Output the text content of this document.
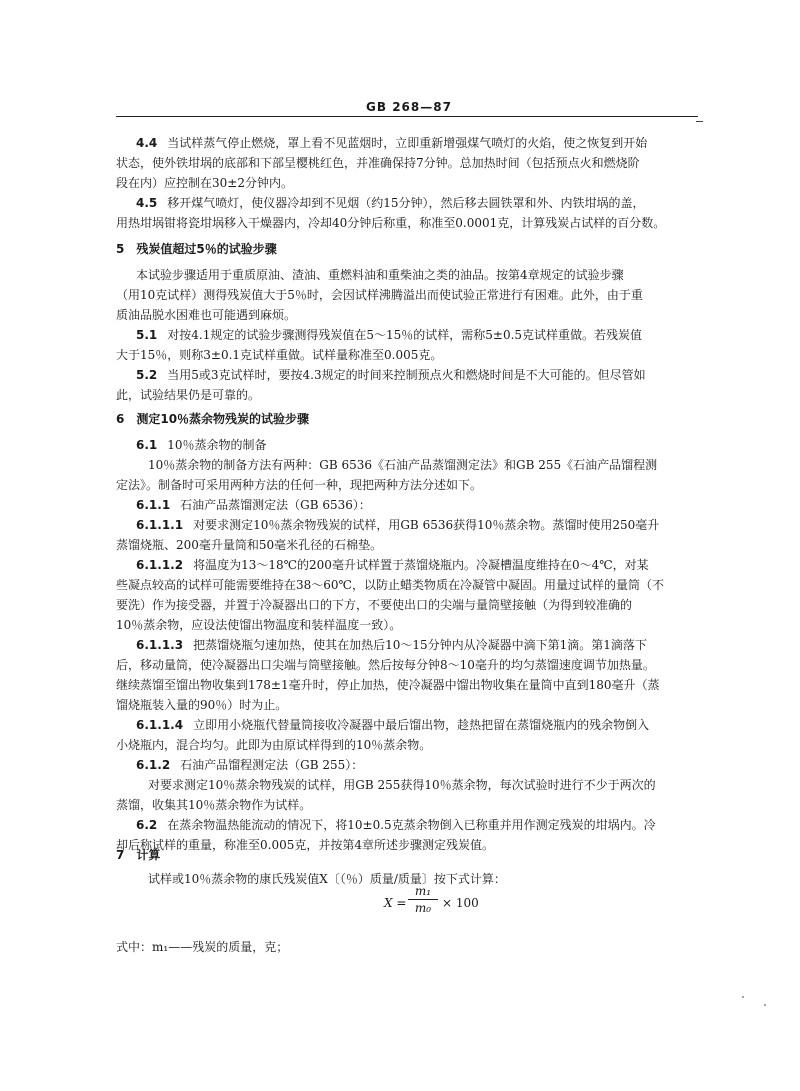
GB 268—87
4.4 当试样蒸气停止燃烧，罩上看不见蓝烟时，立即重新增强煤气喷灯的火焰，使之恢复到开始
状态，使外铁坩埚的底部和下部呈樱桃红色，并准确保持7分钟。总加热时间（包括预点火和燃烧阶
段在内）应控制在30±2分钟内。
4.5 移开煤气喷灯，使仪器冷却到不见烟（约15分钟），然后移去圆铁罩和外、内铁坩埚的盖，
用热坩埚钳将瓷坩埚移入干燥器内，冷却40分钟后称重，称准至0.0001克，计算残炭占试样的百分数。
5　残炭值超过5％的试验步骤
本试验步骤适用于重质原油、渣油、重燃料油和重柴油之类的油品。按第4章规定的试验步骤
（用10克试样）测得残炭值大于5％时，会因试样沸腾溢出而使试验正常进行有困难。此外，由于重
质油品脱水困难也可能遇到麻烦。
5.1 对按4.1规定的试验步骤测得残炭值在5～15％的试样，需称5±0.5克试样重做。若残炭值
大于15％，则称3±0.1克试样重做。试样量称准至0.005克。
5.2 当用5或3克试样时，要按4.3规定的时间来控制预点火和燃烧时间是不大可能的。但尽管如
此，试验结果仍是可靠的。
6　测定10％蒸余物残炭的试验步骤
6.1 10％蒸余物的制备
10％蒸余物的制备方法有两种：GB 6536《石油产品蒸馏测定法》和GB 255《石油产品馏程测
定法》。制备时可采用两种方法的任何一种，现把两种方法分述如下。
6.1.1 石油产品蒸馏测定法（GB 6536）：
6.1.1.1 对要求测定10％蒸余物残炭的试样，用GB 6536获得10％蒸余物。蒸馏时使用250毫升
蒸馏烧瓶、200毫升量筒和50毫米孔径的石棉垫。
6.1.1.2 将温度为13～18℃的200毫升试样置于蒸馏烧瓶内。冷凝槽温度维持在0～4℃，对某
些凝点较高的试样可能需要维持在38～60℃，以防止蜡类物质在冷凝管中凝固。用量过试样的量筒（不
要洗）作为接受器，并置于冷凝器出口的下方，不要使出口的尖端与量筒壁接触（为得到较准确的
10％蒸余物，应设法使馏出物温度和装样温度一致）。
6.1.1.3 把蒸馏烧瓶匀速加热，使其在加热后10～15分钟内从冷凝器中滴下第1滴。第1滴落下
后，移动量筒，使冷凝器出口尖端与筒壁接触。然后按每分钟8～10毫升的均匀蒸馏速度调节加热量。
继续蒸馏至馏出物收集到178±1毫升时，停止加热，使冷凝器中馏出物收集在量筒中直到180毫升（蒸
馏烧瓶装入量的90％）时为止。
6.1.1.4 立即用小烧瓶代替量筒接收冷凝器中最后馏出物，趁热把留在蒸馏烧瓶内的残余物倒入
小烧瓶内，混合均匀。此即为由原试样得到的10％蒸余物。
6.1.2 石油产品馏程测定法（GB 255）：
对要求测定10％蒸余物残炭的试样，用GB 255获得10％蒸余物，每次试验时进行不少于两次的
蒸馏，收集其10％蒸余物作为试样。
6.2 在蒸余物温热能流动的情况下，将10±0.5克蒸余物倒入已称重并用作测定残炭的坩埚内。冷
却后称试样的重量，称准至0.005克，并按第4章所述步骤测定残炭值。
7　计算
试样或10％蒸余物的康氏残炭值X〔（％）质量/质量〕按下式计算：
$X = \frac{\text{m₁}}{\text{m₀}} \times 100$
式中：m₁——残炭的质量，克；
